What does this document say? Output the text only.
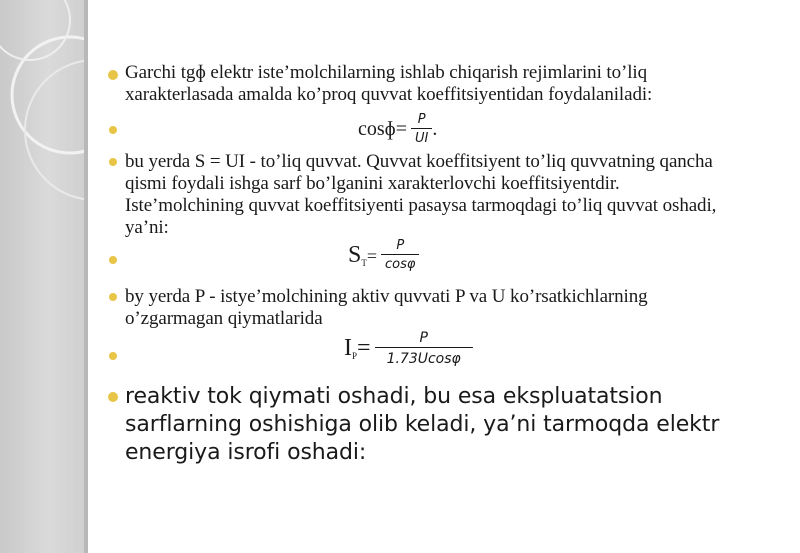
Garchi tgɸ elektr iste’molchilarning ishlab chiqarish rejimlarini to’liq
xarakterlasada amalda ko’proq quvvat koeffitsiyentidan foydalaniladi:
cosɸ= $\frac{P}{UI}$ .
bu yerda S = UI - to’liq quvvat. Quvvat koeffitsiyent to’liq quvvatning qancha
qismi foydali ishga sarf bo’lganini xarakterlovchi koeffitsiyentdir.
Iste’molchining quvvat koeffitsiyenti pasaysa tarmoqdagi to’liq quvvat oshadi,
ya’ni:
$S_T= \frac{P}{\cos\varphi}$
by yerda P - istye’molchining aktiv quvvati P va U ko’rsatkichlarning
o’zgarmagan qiymatlarida
$I_P= \frac{P}{1.73Ucos\varphi}$
reaktiv tok qiymati oshadi, bu esa ekspluatatsion
sarflarning oshishiga olib keladi, ya’ni tarmoqda elektr
energiya isrofi oshadi:
